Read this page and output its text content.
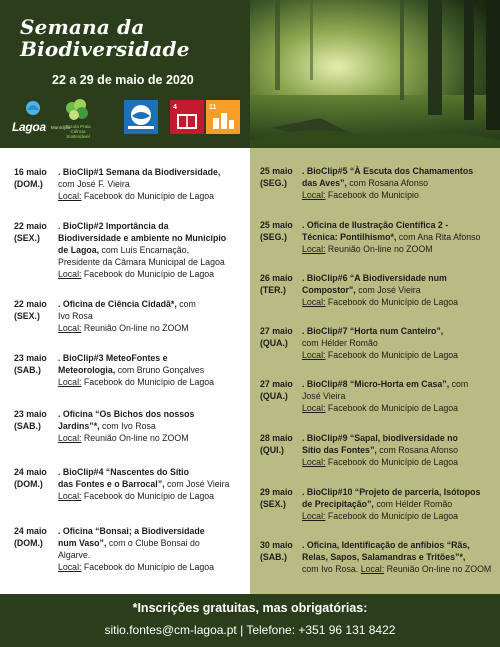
Semana da
Biodiversidade
22 a 29 de maio de 2020
Lagoa Município
Escola Praia Ciência Sustentável
4	11
16 maio
(DOM.)
. BioClip#1 Semana da Biodiversidade,
com José F. Vieira
Local: Facebook do Município de Lagoa
22 maio
(SEX.)
. BioClip#2 Importância da
Biodiversidade e ambiente no Município
de Lagoa, com Luís Encarnação,
Presidente da Câmara Municipal de Lagoa
Local: Facebook do Município de Lagoa
22 maio
(SEX.)
. Oficina de Ciência Cidadã*, com
Ivo Rosa
Local: Reunião On-line no ZOOM
23 maio
(SAB.)
. BioClip#3 MeteoFontes e
Meteorologia, com Bruno Gonçalves
Local: Facebook do Município de Lagoa
23 maio
(SAB.)
. Oficina “Os Bichos dos nossos
Jardins”*, com Ivo Rosa
Local: Reunião On-line no ZOOM
24 maio
(DOM.)
. BioClip#4 “Nascentes do Sítio
das Fontes e o Barrocal”, com José Vieira
Local: Facebook do Município de Lagoa
24 maio
(DOM.)
. Oficina “Bonsai; a Biodiversidade
num Vaso”, com o Clube Bonsai do
Algarve.
Local: Facebook do Município de Lagoa
25 maio
(SEG.)
. BioClip#5 “À Escuta dos Chamamentos
das Aves”, com Rosana Afonso
Local: Facebook do Município
25 maio
(SEG.)
. Oficina de Ilustração Científica 2 -
Técnica: Pontilhismo*, com Ana Rita Afonso
Local: Reunião On-line no ZOOM
26 maio
(TER.)
. BioClip#6 “A Biodiversidade num
Compostor”, com José Vieira
Local: Facebook do Município de Lagoa
27 maio
(QUA.)
. BioClip#7 “Horta num Canteiro”,
com Hélder Romão
Local: Facebook do Município de Lagoa
27 maio
(QUA.)
. BioClip#8 “Micro-Horta em Casa”, com
José Vieira
Local: Facebook do Município de Lagoa
28 maio
(QUI.)
. BioClip#9 “Sapal, biodiversidade no
Sítio das Fontes”, com Rosana Afonso
Local: Facebook do Município de Lagoa
29 maio
(SEX.)
. BioClip#10 “Projeto de parceria, Isótopos
de Precipitação”, com Hélder Romão
Local: Facebook do Município de Lagoa
30 maio
(SAB.)
. Oficina, Identificação de anfíbios “Rãs,
Relas, Sapos, Salamandras e Tritões”*,
com Ivo Rosa. Local: Reunião On-line no ZOOM
*Inscrições gratuitas, mas obrigatórias:
sitio.fontes@cm-lagoa.pt | Telefone: +351 96 131 8422
